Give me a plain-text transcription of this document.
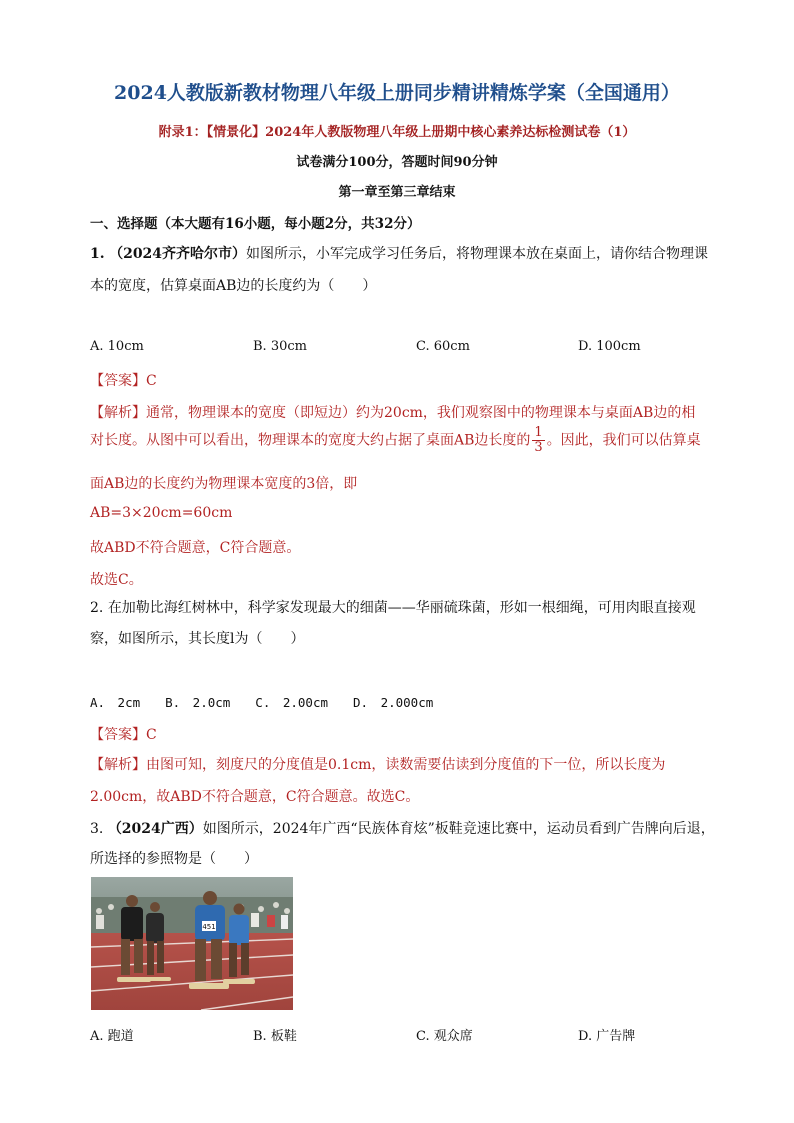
2024人教版新教材物理八年级上册同步精讲精炼学案（全国通用）
附录1：【情景化】2024年人教版物理八年级上册期中核心素养达标检测试卷（1）
试卷满分100分，答题时间90分钟
第一章至第三章结束
一、选择题（本大题有16小题，每小题2分，共32分）
1. （2024齐齐哈尔市）如图所示，小军完成学习任务后，将物理课本放在桌面上，请你结合物理课
本的宽度，估算桌面AB边的长度约为（　　）
A. 10cm	B. 30cm	C. 60cm	D. 100cm
【答案】C
【解析】通常，物理课本的宽度（即短边）约为20cm，我们观察图中的物理课本与桌面AB边的相
对长度。从图中可以看出，物理课本的宽度大约占据了桌面AB边长度的 $\frac{1}{3}$ 。因此，我们可以估算桌
面AB边的长度约为物理课本宽度的3倍，即
AB=3×20cm=60cm
故ABD不符合题意，C符合题意。
故选C。
2. 在加勒比海红树林中，科学家发现最大的细菌——华丽硫珠菌，形如一根细绳，可用肉眼直接观
察，如图所示，其长度l为（　　）
A.　2cm　　B.　2.0cm　　C.　2.00cm　　D.　2.000cm
【答案】C
【解析】由图可知，刻度尺的分度值是0.1cm，读数需要估读到分度值的下一位，所以长度为
2.00cm，故ABD不符合题意，C符合题意。故选C。
3. （2024广西）如图所示，2024年广西“民族体育炫”板鞋竞速比赛中，运动员看到广告牌向后退，
所选择的参照物是（　　）
451
A. 跑道	B. 板鞋	C. 观众席	D. 广告牌
